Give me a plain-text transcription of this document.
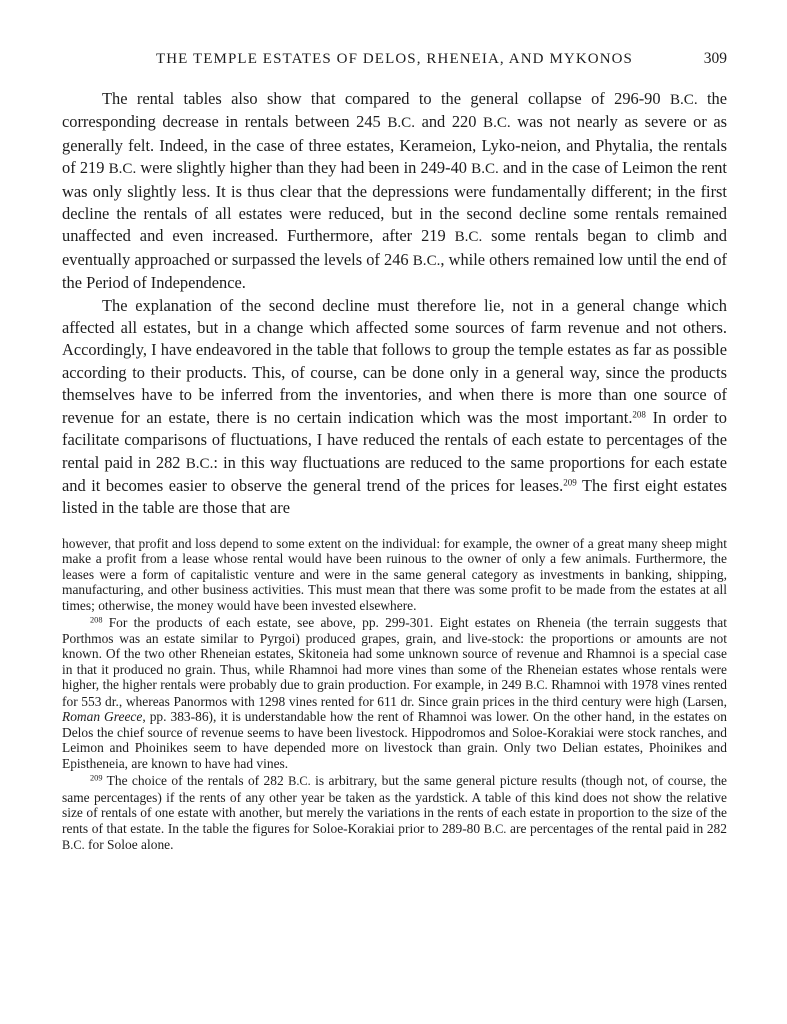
THE TEMPLE ESTATES OF DELOS, RHENEIA, AND MYKONOS	309

The rental tables also show that compared to the general collapse of 296-90 B.C. the corresponding decrease in rentals between 245 B.C. and 220 B.C. was not nearly as severe or as generally felt. Indeed, in the case of three estates, Kerameion, Lyko-neion, and Phytalia, the rentals of 219 B.C. were slightly higher than they had been in 249-40 B.C. and in the case of Leimon the rent was only slightly less. It is thus clear that the depressions were fundamentally different; in the first decline the rentals of all estates were reduced, but in the second decline some rentals remained unaffected and even increased. Furthermore, after 219 B.C. some rentals began to climb and eventually approached or surpassed the levels of 246 B.C., while others remained low until the end of the Period of Independence.

The explanation of the second decline must therefore lie, not in a general change which affected all estates, but in a change which affected some sources of farm revenue and not others. Accordingly, I have endeavored in the table that follows to group the temple estates as far as possible according to their products. This, of course, can be done only in a general way, since the products themselves have to be inferred from the inventories, and when there is more than one source of revenue for an estate, there is no certain indication which was the most important.$^{208}$ In order to facilitate comparisons of fluctuations, I have reduced the rentals of each estate to percentages of the rental paid in 282 B.C.: in this way fluctuations are reduced to the same proportions for each estate and it becomes easier to observe the general trend of the prices for leases.$^{209}$ The first eight estates listed in the table are those that are

however, that profit and loss depend to some extent on the individual: for example, the owner of a great many sheep might make a profit from a lease whose rental would have been ruinous to the owner of only a few animals. Furthermore, the leases were a form of capitalistic venture and were in the same general category as investments in banking, shipping, manufacturing, and other business activities. This must mean that there was some profit to be made from the estates at all times; otherwise, the money would have been invested elsewhere.

$^{208}$ For the products of each estate, see above, pp. 299-301. Eight estates on Rheneia (the terrain suggests that Porthmos was an estate similar to Pyrgoi) produced grapes, grain, and live-stock: the proportions or amounts are not known. Of the two other Rheneian estates, Skitoneia had some unknown source of revenue and Rhamnoi is a special case in that it produced no grain. Thus, while Rhamnoi had more vines than some of the Rheneian estates whose rentals were higher, the higher rentals were probably due to grain production. For example, in 249 B.C. Rhamnoi with 1978 vines rented for 553 dr., whereas Panormos with 1298 vines rented for 611 dr. Since grain prices in the third century were high (Larsen, Roman Greece, pp. 383-86), it is understandable how the rent of Rhamnoi was lower. On the other hand, in the estates on Delos the chief source of revenue seems to have been livestock. Hippodromos and Soloe-Korakiai were stock ranches, and Leimon and Phoinikes seem to have depended more on livestock than grain. Only two Delian estates, Phoinikes and Epistheneia, are known to have had vines.

$^{209}$ The choice of the rentals of 282 B.C. is arbitrary, but the same general picture results (though not, of course, the same percentages) if the rents of any other year be taken as the yardstick. A table of this kind does not show the relative size of rentals of one estate with another, but merely the variations in the rents of each estate in proportion to the size of the rents of that estate. In the table the figures for Soloe-Korakiai prior to 289-80 B.C. are percentages of the rental paid in 282 B.C. for Soloe alone.
